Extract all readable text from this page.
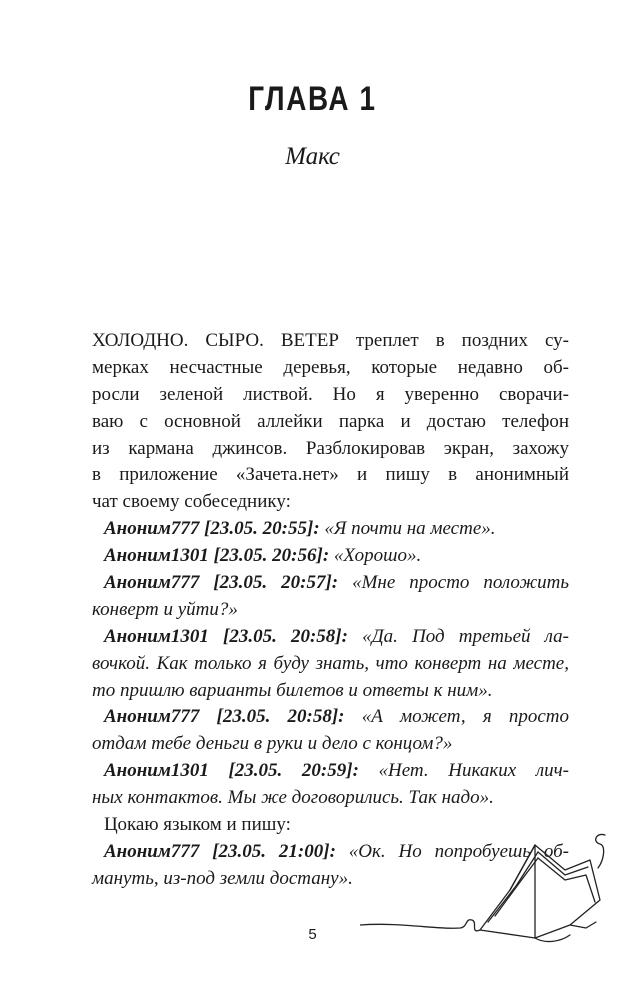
ГЛАВА 1
Макс
ХОЛОДНО. СЫРО. ВЕТЕР треплет в поздних су-
мерках несчастные деревья, которые недавно об-
росли зеленой листвой. Но я уверенно сворачи-
ваю с основной аллейки парка и достаю телефон
из кармана джинсов. Разблокировав экран, захожу
в приложение «Зачета.нет» и пишу в анонимный
чат своему собеседнику:
Аноним777 [23.05. 20:55]: «Я почти на месте».
Аноним1301 [23.05. 20:56]: «Хорошо».
Аноним777 [23.05. 20:57]: «Мне просто положить
конверт и уйти?»
Аноним1301 [23.05. 20:58]: «Да. Под третьей ла-
вочкой. Как только я буду знать, что конверт на месте,
то пришлю варианты билетов и ответы к ним».
Аноним777 [23.05. 20:58]: «А может, я просто
отдам тебе деньги в руки и дело с концом?»
Аноним1301 [23.05. 20:59]: «Нет. Никаких лич-
ных контактов. Мы же договорились. Так надо».
Цокаю языком и пишу:
Аноним777 [23.05. 21:00]: «Ок. Но попробуешь об-
мануть, из-под земли достану».
5
